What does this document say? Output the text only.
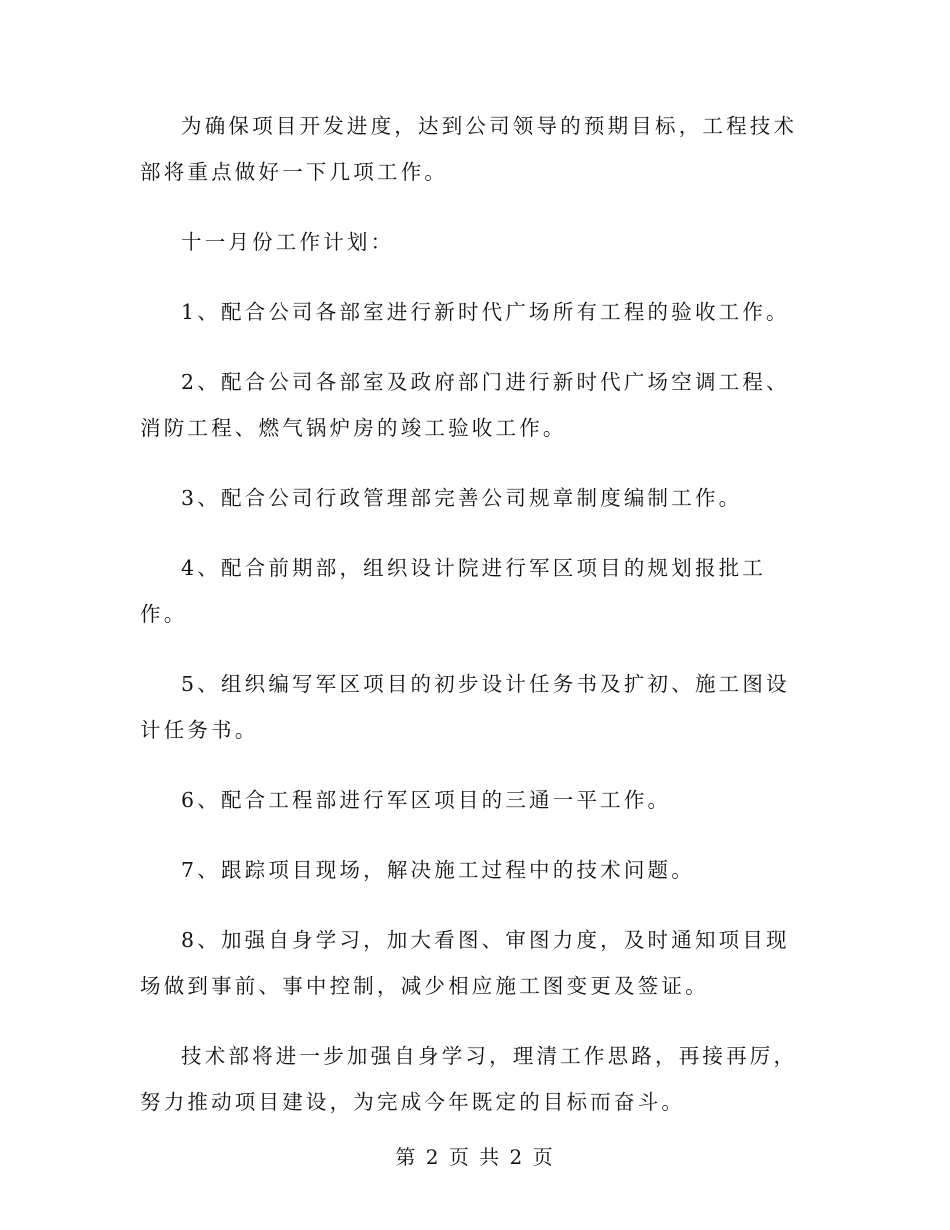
为确保项目开发进度，达到公司领导的预期目标，工程技术部将重点做好一下几项工作。

十一月份工作计划：

1、配合公司各部室进行新时代广场所有工程的验收工作。

2、配合公司各部室及政府部门进行新时代广场空调工程、消防工程、燃气锅炉房的竣工验收工作。

3、配合公司行政管理部完善公司规章制度编制工作。

4、配合前期部，组织设计院进行军区项目的规划报批工作。

5、组织编写军区项目的初步设计任务书及扩初、施工图设计任务书。

6、配合工程部进行军区项目的三通一平工作。

7、跟踪项目现场，解决施工过程中的技术问题。

8、加强自身学习，加大看图、审图力度，及时通知项目现场做到事前、事中控制，减少相应施工图变更及签证。

技术部将进一步加强自身学习，理清工作思路，再接再厉，努力推动项目建设，为完成今年既定的目标而奋斗。

第 2 页 共 2 页
